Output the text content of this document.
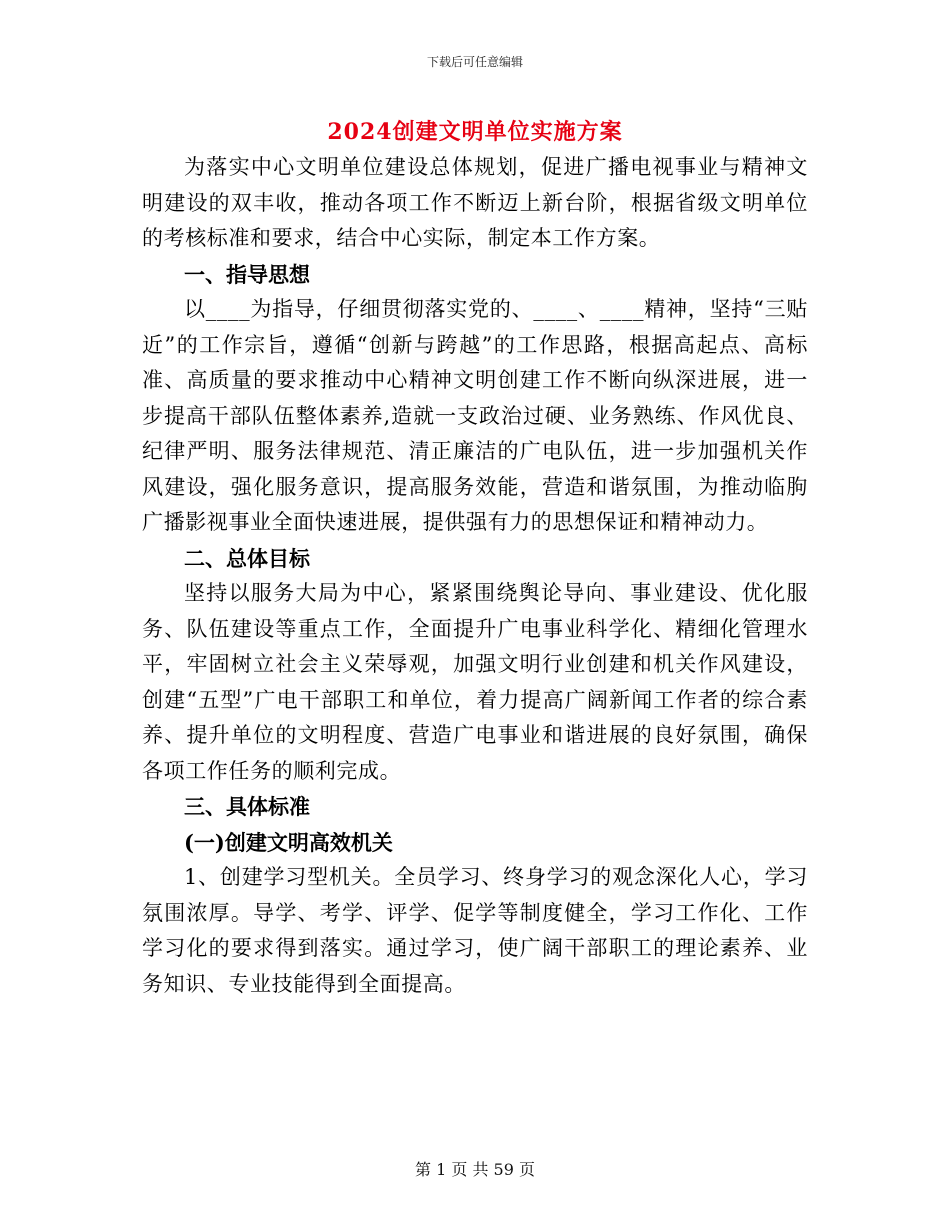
下载后可任意编辑
2024创建文明单位实施方案

为落实中心文明单位建设总体规划，促进广播电视事业与精神文明建设的双丰收，推动各项工作不断迈上新台阶，根据省级文明单位的考核标准和要求，结合中心实际，制定本工作方案。

一、指导思想

以____为指导，仔细贯彻落实党的、____、____精神，坚持“三贴近”的工作宗旨，遵循“创新与跨越”的工作思路，根据高起点、高标准、高质量的要求推动中心精神文明创建工作不断向纵深进展，进一步提高干部队伍整体素养,造就一支政治过硬、业务熟练、作风优良、纪律严明、服务法律规范、清正廉洁的广电队伍，进一步加强机关作风建设，强化服务意识，提高服务效能，营造和谐氛围，为推动临朐广播影视事业全面快速进展，提供强有力的思想保证和精神动力。

二、总体目标

坚持以服务大局为中心，紧紧围绕舆论导向、事业建设、优化服务、队伍建设等重点工作，全面提升广电事业科学化、精细化管理水平，牢固树立社会主义荣辱观，加强文明行业创建和机关作风建设，创建“五型”广电干部职工和单位，着力提高广阔新闻工作者的综合素养、提升单位的文明程度、营造广电事业和谐进展的良好氛围，确保各项工作任务的顺利完成。

三、具体标准

(一)创建文明高效机关

1、创建学习型机关。全员学习、终身学习的观念深化人心，学习氛围浓厚。导学、考学、评学、促学等制度健全，学习工作化、工作学习化的要求得到落实。通过学习，使广阔干部职工的理论素养、业务知识、专业技能得到全面提高。

第 1 页 共 59 页
